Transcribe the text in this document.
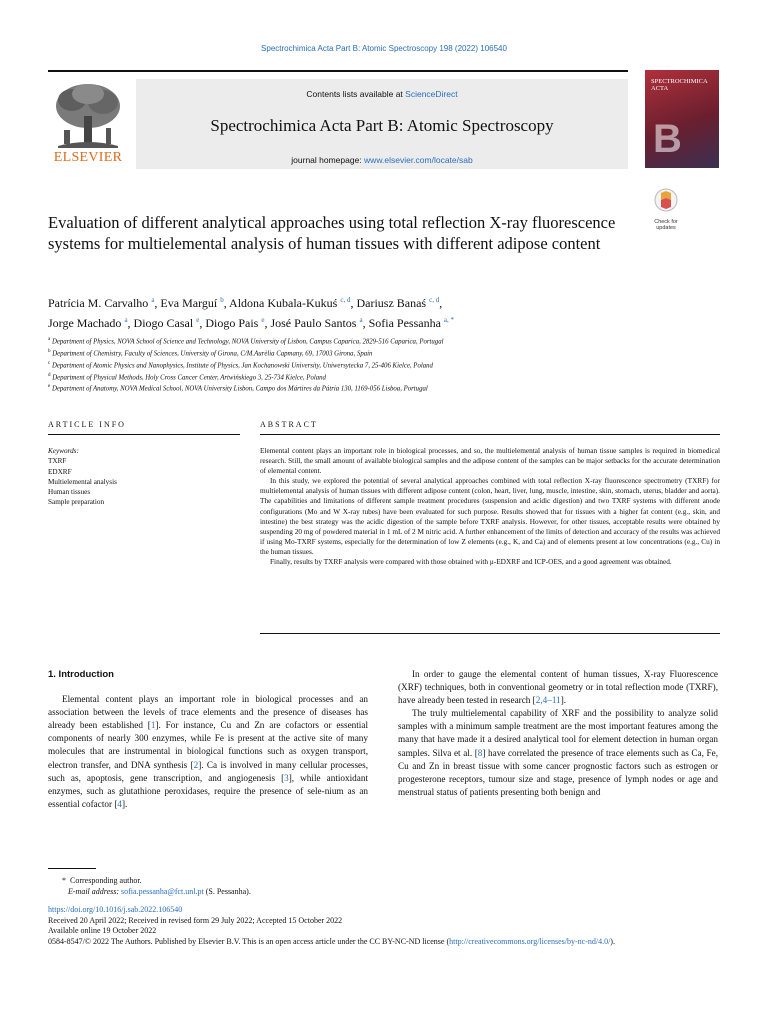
Spectrochimica Acta Part B: Atomic Spectroscopy 198 (2022) 106540
ELSEVIER
Contents lists available at ScienceDirect
Spectrochimica Acta Part B: Atomic Spectroscopy
journal homepage: www.elsevier.com/locate/sab
SPECTROCHIMICA ACTA
B
Check for
updates
Evaluation of different analytical approaches using total reflection X-ray fluorescence systems for multielemental analysis of human tissues with different adipose content
Patrícia M. Carvalho $^a$, Eva Marguí $^b$, Aldona Kubala-Kukuś $^{c, d}$, Dariusz Banaś $^{c, d}$,
Jorge Machado $^a$, Diogo Casal $^e$, Diogo Pais $^e$, José Paulo Santos $^a$, Sofia Pessanha $^{a, *}$
$^a$ Department of Physics, NOVA School of Science and Technology, NOVA University of Lisbon, Campus Caparica, 2829-516 Caparica, Portugal
$^b$ Department of Chemistry, Faculty of Sciences, University of Girona, C/M.Aurèlia Capmany, 69, 17003 Girona, Spain
$^c$ Department of Atomic Physics and Nanophysics, Institute of Physics, Jan Kochanowski University, Uniwersytecka 7, 25-406 Kielce, Poland
$^d$ Department of Physical Methods, Holy Cross Cancer Center, Artwińskiego 3, 25-734 Kielce, Poland
$^e$ Department of Anatomy, NOVA Medical School, NOVA University Lisbon, Campo dos Mártires da Pátria 130, 1169-056 Lisboa, Portugal
ARTICLE INFO	ABSTRACT
Keywords:
TXRF
EDXRF
Multielemental analysis
Human tissues
Sample preparation

Elemental content plays an important role in biological processes, and so, the multielemental analysis of human tissue samples is required in biomedical research. Still, the small amount of available biological samples and the adipose content of the samples can be major setbacks for the accurate determination of elemental content.

In this study, we explored the potential of several analytical approaches combined with total reflection X-ray fluorescence spectrometry (TXRF) for multielemental analysis of human tissues with different adipose content (colon, heart, liver, lung, muscle, intestine, skin, stomach, uterus, bladder and aorta). The capabilities and limitations of different sample treatment procedures (suspension and acidic digestion) and two TXRF systems with different anode configurations (Mo and W X-ray tubes) have been evaluated for such purpose. Results showed that for tissues with a higher fat content (e.g., skin, and intestine) the best strategy was the acidic digestion of the sample before TXRF analysis. However, for other tissues, acceptable results were obtained by suspending 20 mg of powdered material in 1 mL of 2 M nitric acid. A further enhancement of the limits of detection and accuracy of the results was achieved if using Mo-TXRF systems, especially for the determination of low Z elements (e.g., K, and Ca) and of elements present at low concentrations (e.g., Cu) in the human tissues.

Finally, results by TXRF analysis were compared with those obtained with μ-EDXRF and ICP-OES, and a good agreement was obtained.

1. Introduction

Elemental content plays an important role in biological processes and an association between the levels of trace elements and the presence of diseases has already been established [1]. For instance, Cu and Zn are cofactors or essential components of nearly 300 enzymes, while Fe is present at the active site of many molecules that are instrumental in biological functions such as oxygen transport, electron transfer, and DNA synthesis [2]. Ca is involved in many cellular processes, such as, apoptosis, gene transcription, and angiogenesis [3], while antioxidant enzymes, such as glutathione peroxidases, require the presence of sele-nium as an essential cofactor [4].

In order to gauge the elemental content of human tissues, X-ray Fluorescence (XRF) techniques, both in conventional geometry or in total reflection mode (TXRF), have already been tested in research [2,4–11].

The truly multielemental capability of XRF and the possibility to analyze solid samples with a minimum sample treatment are the most important features among the many that have made it a desired analytical tool for element detection in human organ samples. Silva et al. [8] have correlated the presence of trace elements such as Ca, Fe, Cu and Zn in breast tissue with some cancer prognostic factors such as estrogen or progesterone receptors, tumour size and stage, presence of lymph nodes or age and menstrual status of patients presenting both benign and

* Corresponding author.
E-mail address: sofia.pessanha@fct.unl.pt (S. Pessanha).
https://doi.org/10.1016/j.sab.2022.106540
Received 20 April 2022; Received in revised form 29 July 2022; Accepted 15 October 2022
Available online 19 October 2022
0584-8547/© 2022 The Authors. Published by Elsevier B.V. This is an open access article under the CC BY-NC-ND license (http://creativecommons.org/licenses/by-nc-nd/4.0/).
